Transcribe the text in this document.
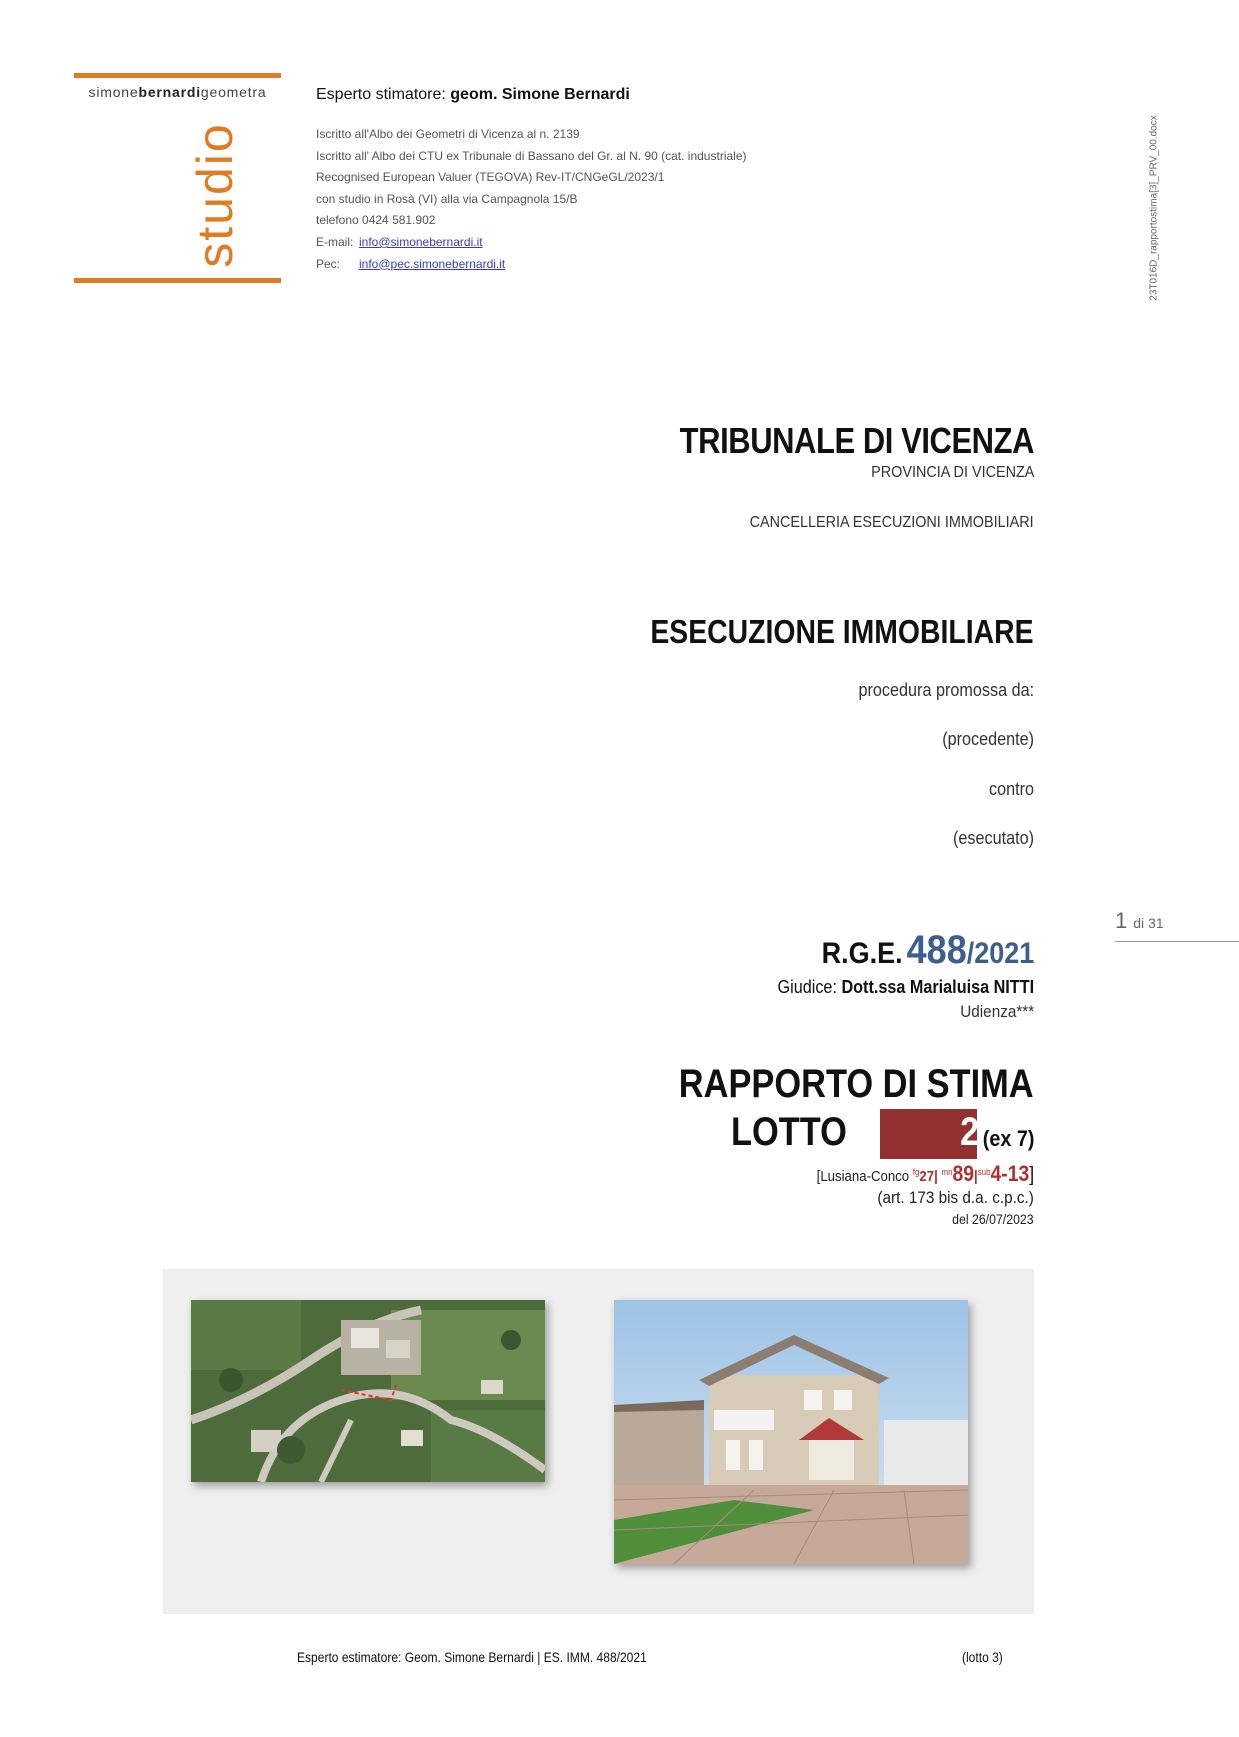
simonebernardigeometra
studio
Esperto stimatore: geom. Simone Bernardi
Iscritto all'Albo dei Geometri di Vicenza al n. 2139
Iscritto all' Albo dei CTU ex Tribunale di Bassano del Gr. al N. 90 (cat. industriale)
Recognised European Valuer (TEGOVA) Rev-IT/CNGeGL/2023/1
con studio in Rosà (VI) alla via Campagnola 15/B
telefono 0424 581.902
E-mail: info@simonebernardi.it
Pec: info@pec.simonebernardi.it	23T016D_rapportostima[3]_PRV_00.docx
TRIBUNALE DI VICENZA
PROVINCIA DI VICENZA
CANCELLERIA ESECUZIONI IMMOBILIARI
ESECUZIONE IMMOBILIARE
procedura promossa da:
(procedente)
contro
(esecutato)
1 di 31
R.G.E. 488/2021
Giudice: Dott.ssa Marialuisa NITTI
Udienza***
RAPPORTO DI STIMA
LOTTO	2 (ex 7)
[Lusiana-Conco $^{fg}$27| $^{mn}89|^{sub}4-13$]
(art. 173 bis d.a. c.p.c.)
del 26/07/2023
Esperto estimatore: Geom. Simone Bernardi | ES. IMM. 488/2021	(lotto 3)
